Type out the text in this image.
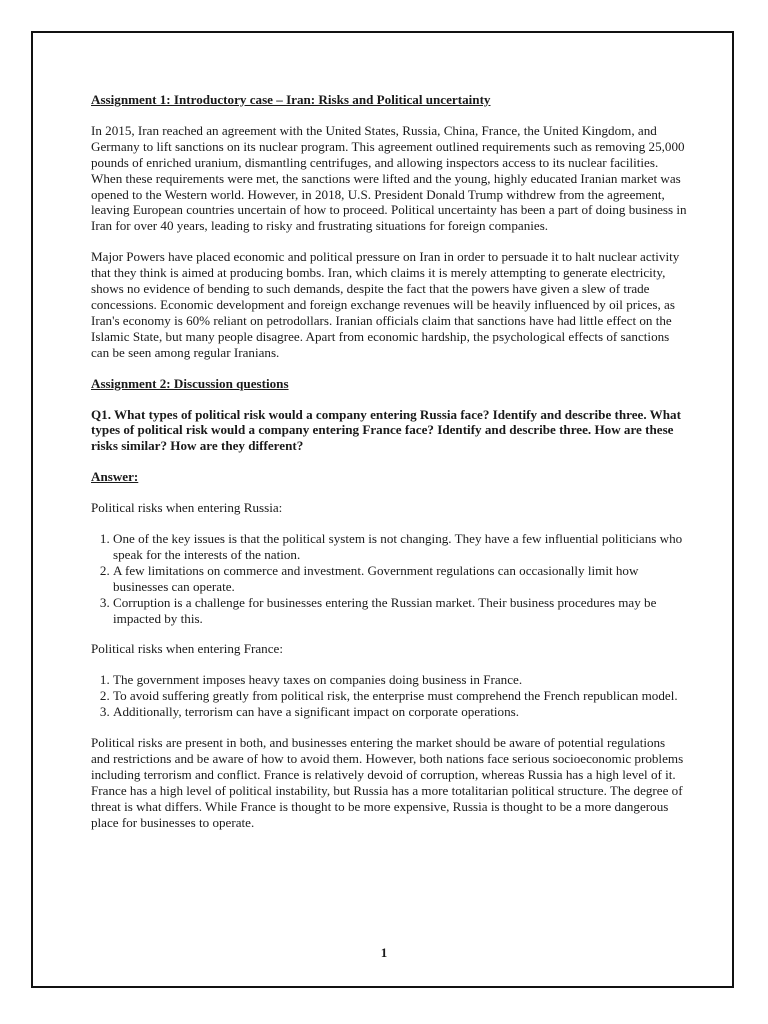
Assignment 1: Introductory case – Iran: Risks and Political uncertainty

In 2015, Iran reached an agreement with the United States, Russia, China, France, the United Kingdom, and Germany to lift sanctions on its nuclear program. This agreement outlined requirements such as removing 25,000 pounds of enriched uranium, dismantling centrifuges, and allowing inspectors access to its nuclear facilities. When these requirements were met, the sanctions were lifted and the young, highly educated Iranian market was opened to the Western world. However, in 2018, U.S. President Donald Trump withdrew from the agreement, leaving European countries uncertain of how to proceed. Political uncertainty has been a part of doing business in Iran for over 40 years, leading to risky and frustrating situations for foreign companies.

Major Powers have placed economic and political pressure on Iran in order to persuade it to halt nuclear activity that they think is aimed at producing bombs. Iran, which claims it is merely attempting to generate electricity, shows no evidence of bending to such demands, despite the fact that the powers have given a slew of trade concessions. Economic development and foreign exchange revenues will be heavily influenced by oil prices, as Iran's economy is 60% reliant on petrodollars. Iranian officials claim that sanctions have had little effect on the Islamic State, but many people disagree. Apart from economic hardship, the psychological effects of sanctions can be seen among regular Iranians.

Assignment 2: Discussion questions

Q1. What types of political risk would a company entering Russia face? Identify and describe three. What types of political risk would a company entering France face? Identify and describe three. How are these risks similar? How are they different?

Answer:

Political risks when entering Russia:

1. One of the key issues is that the political system is not changing. They have a few influential politicians who speak for the interests of the nation.
2. A few limitations on commerce and investment. Government regulations can occasionally limit how businesses can operate.
3. Corruption is a challenge for businesses entering the Russian market. Their business procedures may be impacted by this.

Political risks when entering France:

1. The government imposes heavy taxes on companies doing business in France.
2. To avoid suffering greatly from political risk, the enterprise must comprehend the French republican model.
3. Additionally, terrorism can have a significant impact on corporate operations.

Political risks are present in both, and businesses entering the market should be aware of potential regulations and restrictions and be aware of how to avoid them. However, both nations face serious socioeconomic problems including terrorism and conflict. France is relatively devoid of corruption, whereas Russia has a high level of it. France has a high level of political instability, but Russia has a more totalitarian political structure. The degree of threat is what differs. While France is thought to be more expensive, Russia is thought to be a more dangerous place for businesses to operate.

1
